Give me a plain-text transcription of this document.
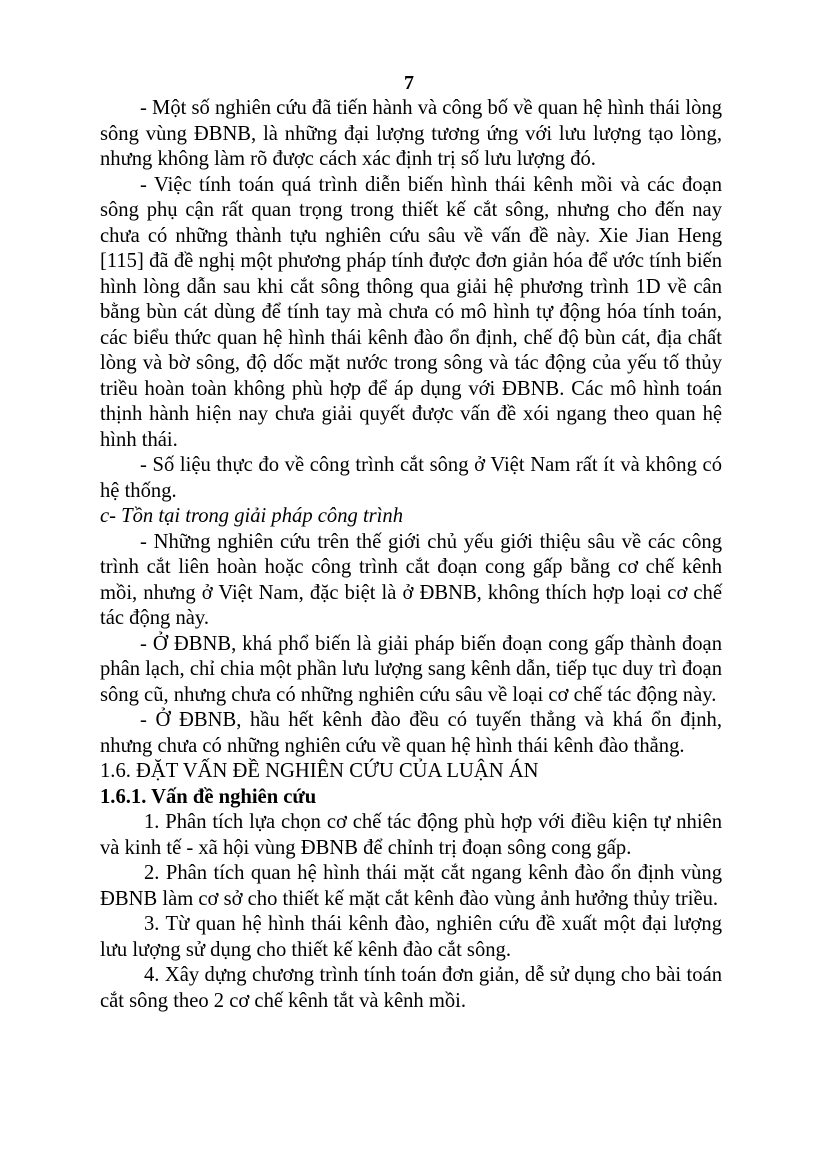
7

- Một số nghiên cứu đã tiến hành và công bố về quan hệ hình thái lòng sông vùng ĐBNB, là những đại lượng tương ứng với lưu lượng tạo lòng, nhưng không làm rõ được cách xác định trị số lưu lượng đó.

- Việc tính toán quá trình diễn biến hình thái kênh mồi và các đoạn sông phụ cận rất quan trọng trong thiết kế cắt sông, nhưng cho đến nay chưa có những thành tựu nghiên cứu sâu về vấn đề này. Xie Jian Heng [115] đã đề nghị một phương pháp tính được đơn giản hóa để ước tính biến hình lòng dẫn sau khi cắt sông thông qua giải hệ phương trình 1D về cân bằng bùn cát dùng để tính tay mà chưa có mô hình tự động hóa tính toán, các biểu thức quan hệ hình thái kênh đào ổn định, chế độ bùn cát, địa chất lòng và bờ sông, độ dốc mặt nước trong sông và tác động của yếu tố thủy triều hoàn toàn không phù hợp để áp dụng với ĐBNB. Các mô hình toán thịnh hành hiện nay chưa giải quyết được vấn đề xói ngang theo quan hệ hình thái.

- Số liệu thực đo về công trình cắt sông ở Việt Nam rất ít và không có hệ thống.

c- Tồn tại trong giải pháp công trình

- Những nghiên cứu trên thế giới chủ yếu giới thiệu sâu về các công trình cắt liên hoàn hoặc công trình cắt đoạn cong gấp bằng cơ chế kênh mồi, nhưng ở Việt Nam, đặc biệt là ở ĐBNB, không thích hợp loại cơ chế tác động này.

- Ở ĐBNB, khá phổ biến là giải pháp biến đoạn cong gấp thành đoạn phân lạch, chỉ chia một phần lưu lượng sang kênh dẫn, tiếp tục duy trì đoạn sông cũ, nhưng chưa có những nghiên cứu sâu về loại cơ chế tác động này.

- Ở ĐBNB, hầu hết kênh đào đều có tuyến thẳng và khá ổn định, nhưng chưa có những nghiên cứu về quan hệ hình thái kênh đào thẳng.

1.6. ĐẶT VẤN ĐỀ NGHIÊN CỨU CỦA LUẬN ÁN

1.6.1. Vấn đề nghiên cứu

1. Phân tích lựa chọn cơ chế tác động phù hợp với điều kiện tự nhiên và kinh tế - xã hội vùng ĐBNB để chỉnh trị đoạn sông cong gấp.

2. Phân tích quan hệ hình thái mặt cắt ngang kênh đào ổn định vùng ĐBNB làm cơ sở cho thiết kế mặt cắt kênh đào vùng ảnh hưởng thủy triều.

3. Từ quan hệ hình thái kênh đào, nghiên cứu đề xuất một đại lượng lưu lượng sử dụng cho thiết kế kênh đào cắt sông.

4. Xây dựng chương trình tính toán đơn giản, dễ sử dụng cho bài toán cắt sông theo 2 cơ chế kênh tắt và kênh mồi.
